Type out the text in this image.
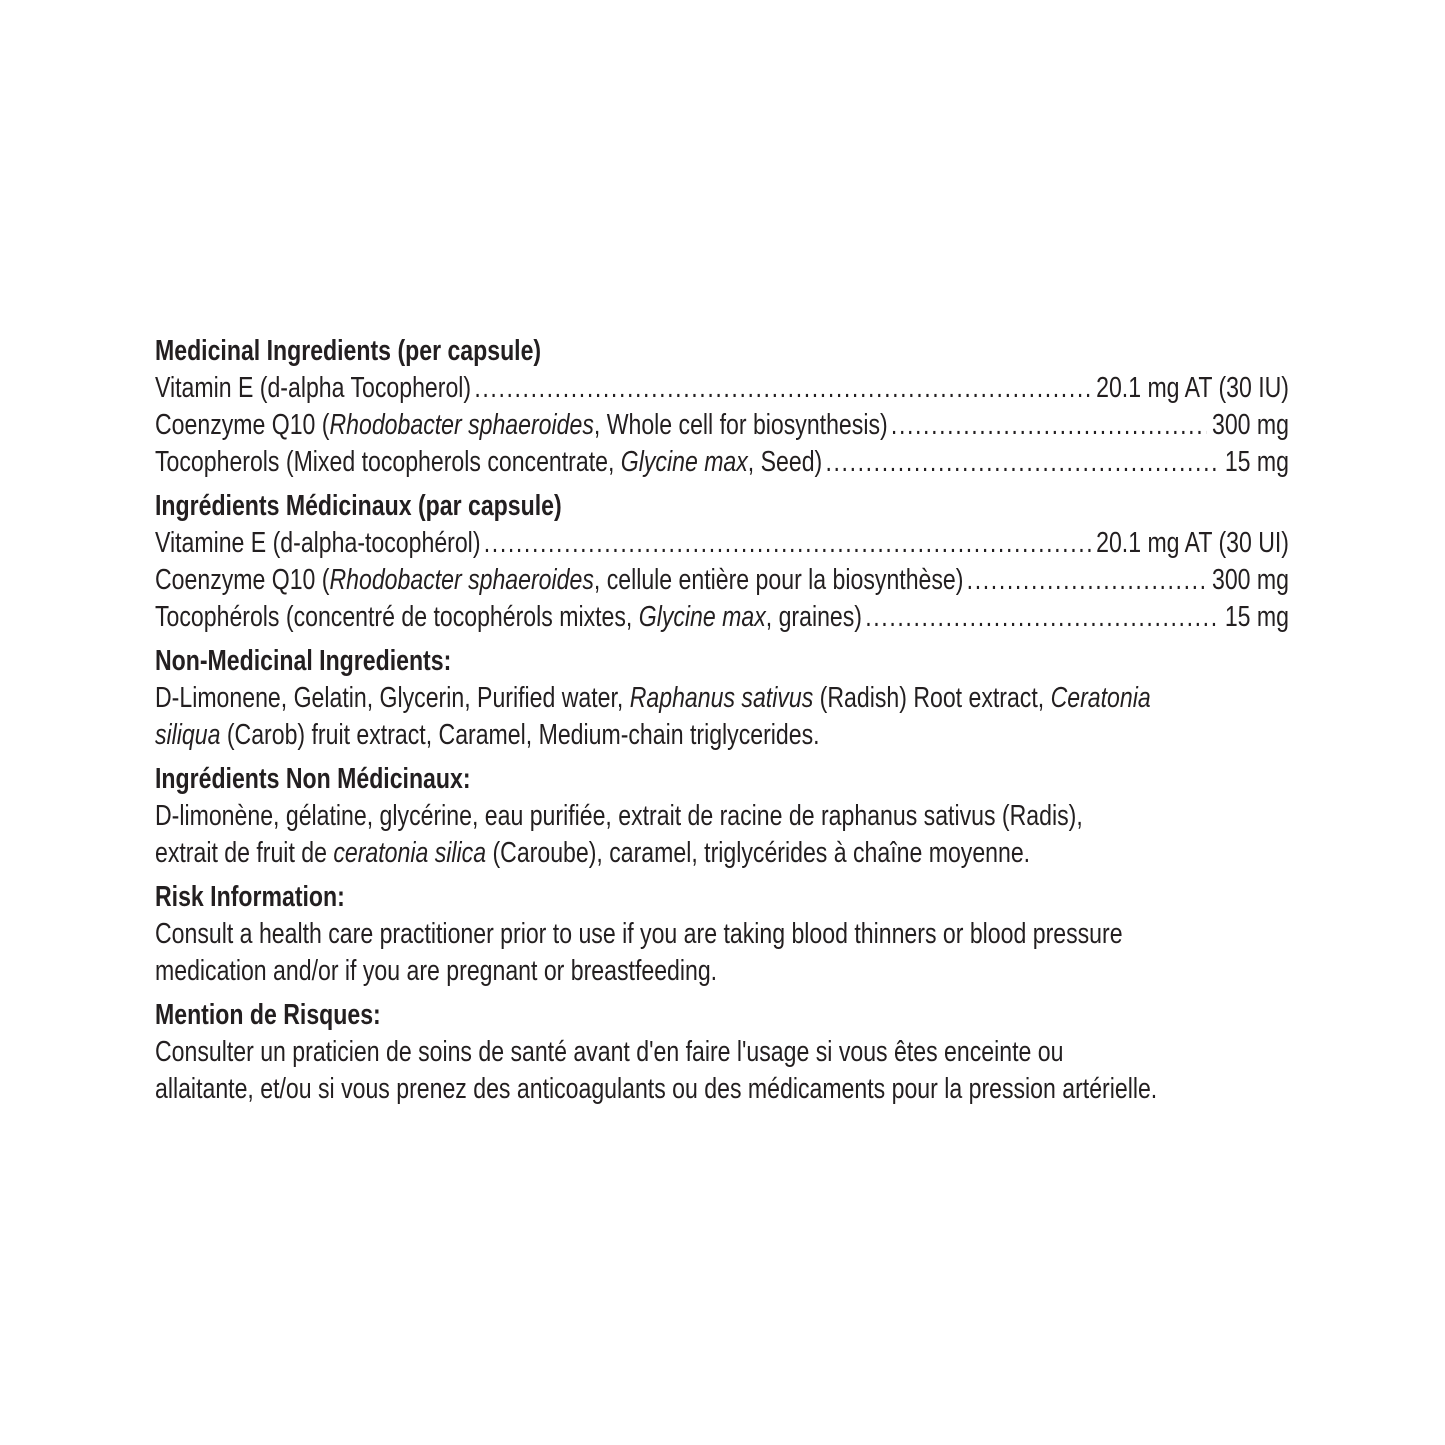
Medicinal Ingredients (per capsule)
Vitamin E (d-alpha Tocopherol) .....	20.1 mg AT (30 IU)
Coenzyme Q10 (Rhodobacter sphaeroides, Whole cell for biosynthesis) .....	300 mg
Tocopherols (Mixed tocopherols concentrate, Glycine max, Seed) .....	15 mg
Ingrédients Médicinaux (par capsule)
Vitamine E (d-alpha-tocophérol) .....	20.1 mg AT (30 UI)
Coenzyme Q10 (Rhodobacter sphaeroides, cellule entière pour la biosynthèse) .....	300 mg
Tocophérols (concentré de tocophérols mixtes, Glycine max, graines) .....	15 mg
Non-Medicinal Ingredients:

D-Limonene, Gelatin, Glycerin, Purified water, Raphanus sativus (Radish) Root extract, Ceratonia

siliqua (Carob) fruit extract, Caramel, Medium-chain triglycerides.

Ingrédients Non Médicinaux:

D-limonène, gélatine, glycérine, eau purifiée, extrait de racine de raphanus sativus (Radis),

extrait de fruit de ceratonia silica (Caroube), caramel, triglycérides à chaîne moyenne.

Risk Information:

Consult a health care practitioner prior to use if you are taking blood thinners or blood pressure

medication and/or if you are pregnant or breastfeeding.

Mention de Risques:

Consulter un praticien de soins de santé avant d'en faire l'usage si vous êtes enceinte ou

allaitante, et/ou si vous prenez des anticoagulants ou des médicaments pour la pression artérielle.
